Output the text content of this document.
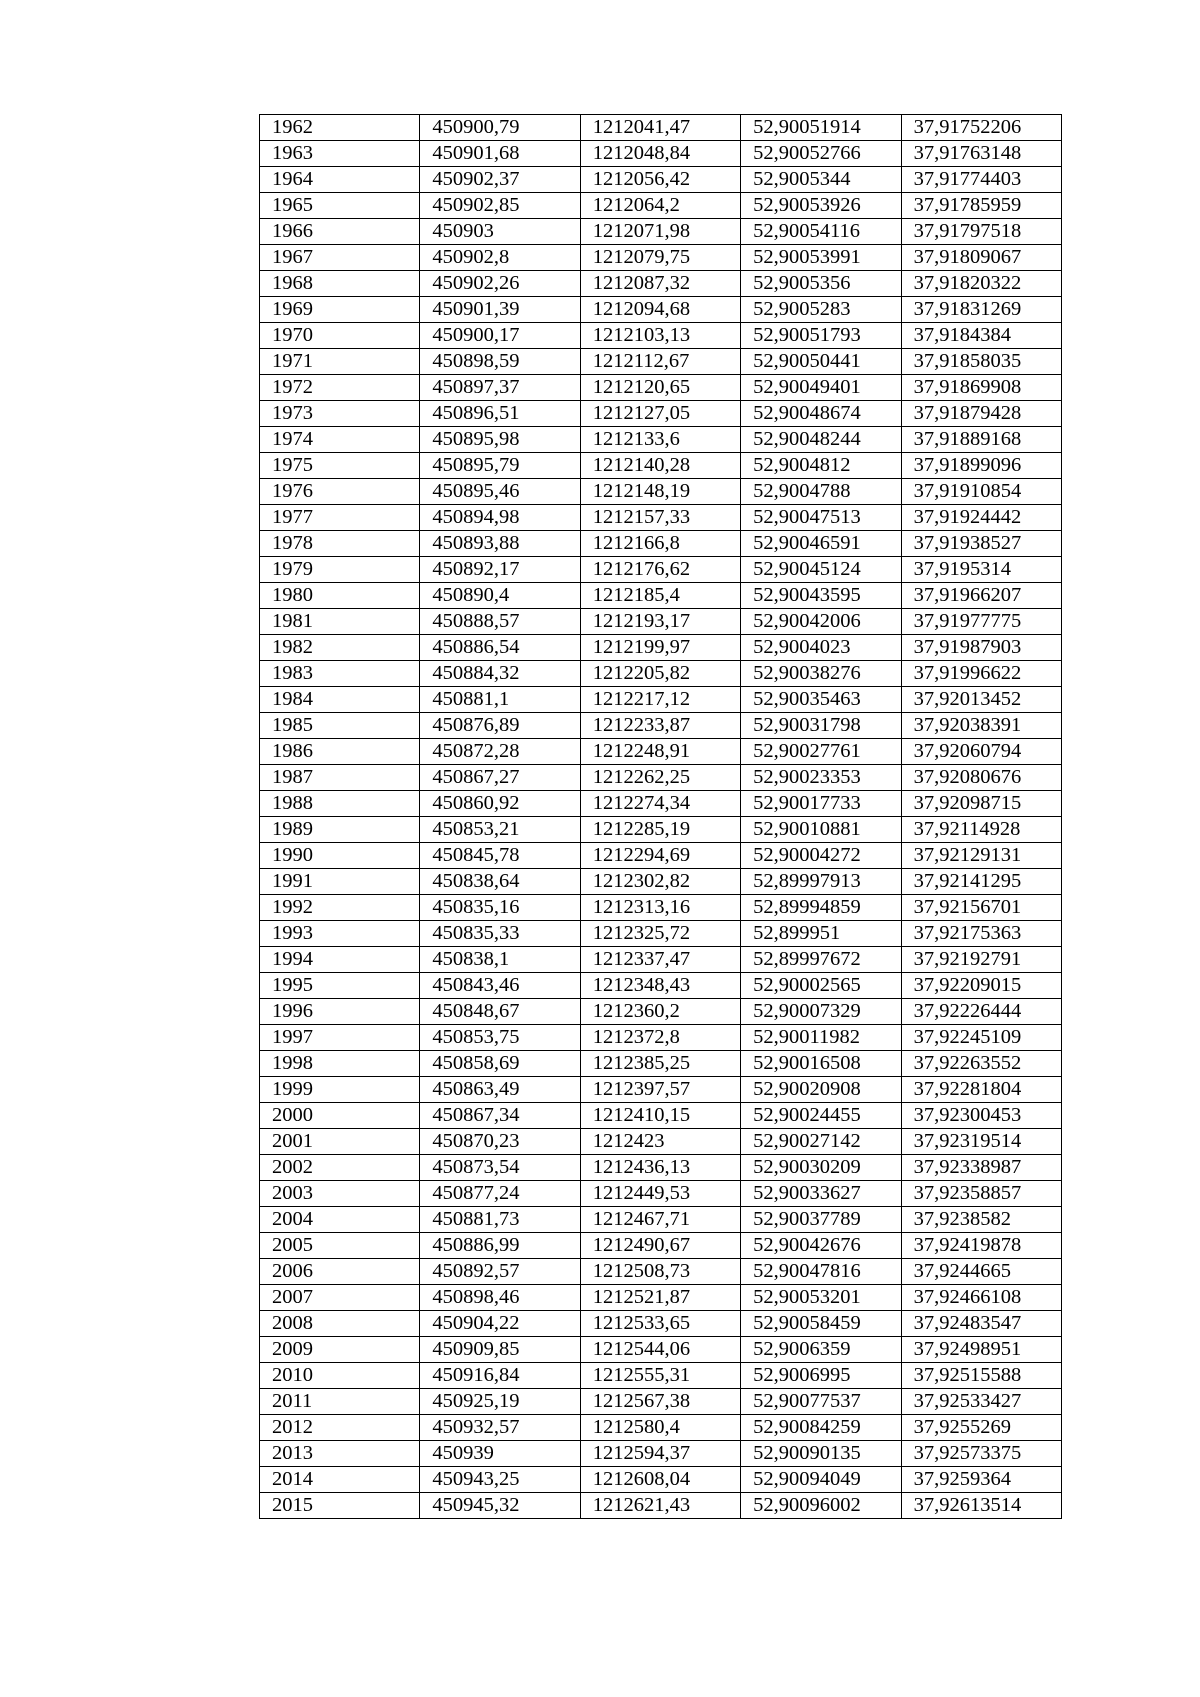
1962	450900,79	1212041,47	52,90051914	37,91752206
1963	450901,68	1212048,84	52,90052766	37,91763148
1964	450902,37	1212056,42	52,9005344	37,91774403
1965	450902,85	1212064,2	52,90053926	37,91785959
1966	450903	1212071,98	52,90054116	37,91797518
1967	450902,8	1212079,75	52,90053991	37,91809067
1968	450902,26	1212087,32	52,9005356	37,91820322
1969	450901,39	1212094,68	52,9005283	37,91831269
1970	450900,17	1212103,13	52,90051793	37,9184384
1971	450898,59	1212112,67	52,90050441	37,91858035
1972	450897,37	1212120,65	52,90049401	37,91869908
1973	450896,51	1212127,05	52,90048674	37,91879428
1974	450895,98	1212133,6	52,90048244	37,91889168
1975	450895,79	1212140,28	52,9004812	37,91899096
1976	450895,46	1212148,19	52,9004788	37,91910854
1977	450894,98	1212157,33	52,90047513	37,91924442
1978	450893,88	1212166,8	52,90046591	37,91938527
1979	450892,17	1212176,62	52,90045124	37,9195314
1980	450890,4	1212185,4	52,90043595	37,91966207
1981	450888,57	1212193,17	52,90042006	37,91977775
1982	450886,54	1212199,97	52,9004023	37,91987903
1983	450884,32	1212205,82	52,90038276	37,91996622
1984	450881,1	1212217,12	52,90035463	37,92013452
1985	450876,89	1212233,87	52,90031798	37,92038391
1986	450872,28	1212248,91	52,90027761	37,92060794
1987	450867,27	1212262,25	52,90023353	37,92080676
1988	450860,92	1212274,34	52,90017733	37,92098715
1989	450853,21	1212285,19	52,90010881	37,92114928
1990	450845,78	1212294,69	52,90004272	37,92129131
1991	450838,64	1212302,82	52,89997913	37,92141295
1992	450835,16	1212313,16	52,89994859	37,92156701
1993	450835,33	1212325,72	52,899951	37,92175363
1994	450838,1	1212337,47	52,89997672	37,92192791
1995	450843,46	1212348,43	52,90002565	37,92209015
1996	450848,67	1212360,2	52,90007329	37,92226444
1997	450853,75	1212372,8	52,90011982	37,92245109
1998	450858,69	1212385,25	52,90016508	37,92263552
1999	450863,49	1212397,57	52,90020908	37,92281804
2000	450867,34	1212410,15	52,90024455	37,92300453
2001	450870,23	1212423	52,90027142	37,92319514
2002	450873,54	1212436,13	52,90030209	37,92338987
2003	450877,24	1212449,53	52,90033627	37,92358857
2004	450881,73	1212467,71	52,90037789	37,9238582
2005	450886,99	1212490,67	52,90042676	37,92419878
2006	450892,57	1212508,73	52,90047816	37,9244665
2007	450898,46	1212521,87	52,90053201	37,92466108
2008	450904,22	1212533,65	52,90058459	37,92483547
2009	450909,85	1212544,06	52,9006359	37,92498951
2010	450916,84	1212555,31	52,9006995	37,92515588
2011	450925,19	1212567,38	52,90077537	37,92533427
2012	450932,57	1212580,4	52,90084259	37,9255269
2013	450939	1212594,37	52,90090135	37,92573375
2014	450943,25	1212608,04	52,90094049	37,9259364
2015	450945,32	1212621,43	52,90096002	37,92613514
